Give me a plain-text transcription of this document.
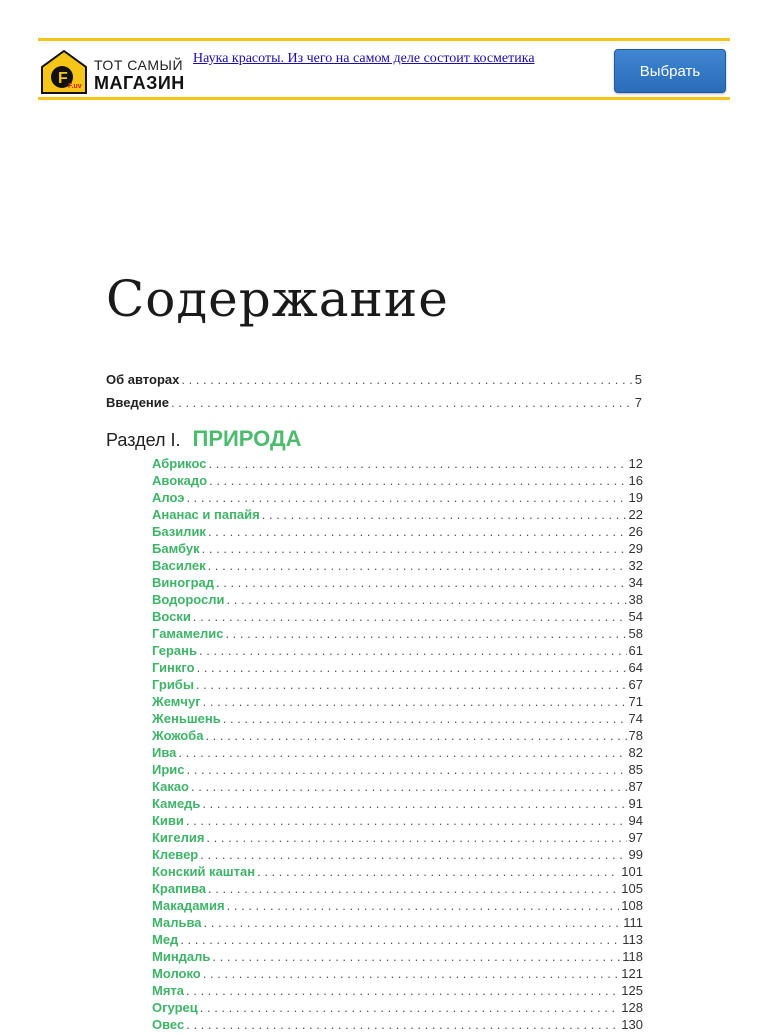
F F.uv
ТОТ САМЫЙ
МАГАЗИН
Наука красоты. Из чего на самом деле состоит косметика
Выбрать
Содержание
Об авторах . . .	5
Введение . . .	7
Раздел I. ПРИРОДА
Абрикос . . .	12
Авокадо . . .	16
Алоэ . . .	19
Ананас и папайя . . .	22
Базилик . . .	26
Бамбук . . .	29
Василек . . .	32
Виноград . . .	34
Водоросли . . .	38
Воски . . .	54
Гамамелис . . .	58
Герань . . .	61
Гинкго . . .	64
Грибы . . .	67
Жемчуг . . .	71
Женьшень . . .	74
Жожоба . . .	78
Ива . . .	82
Ирис . . .	85
Какао . . .	87
Камедь . . .	91
Киви . . .	94
Кигелия . . .	97
Клевер . . .	99
Конский каштан . . .	101
Крапива . . .	105
Макадамия . . .	108
Мальва . . .	111
Мед . . .	113
Миндаль . . .	118
Молоко . . .	121
Мята . . .	125
Огурец . . .	128
Овес . . .	130
